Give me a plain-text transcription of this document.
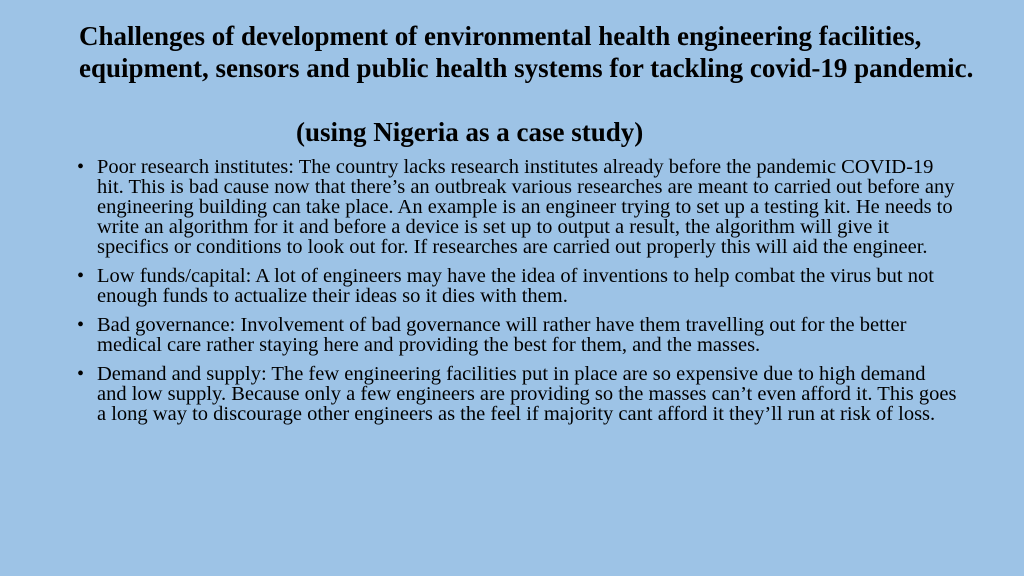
Challenges of development of environmental health engineering facilities, equipment, sensors and public health systems for tackling covid-19 pandemic.
(using Nigeria as a case study)
• Poor research institutes: The country lacks research institutes already before the pandemic COVID-19 hit. This is bad cause now that there’s an outbreak various researches are meant to carried out before any engineering building can take place. An example is an engineer trying to set up a testing kit. He needs to write an algorithm for it and before a device is set up to output a result, the algorithm will give it specifics or conditions to look out for. If researches are carried out properly this will aid the engineer.
• Low funds/capital: A lot of engineers may have the idea of inventions to help combat the virus but not enough funds to actualize their ideas so it dies with them.
• Bad governance: Involvement of bad governance will rather have them travelling out for the better medical care rather staying here and providing the best for them, and the masses.
• Demand and supply: The few engineering facilities put in place are so expensive due to high demand and low supply. Because only a few engineers are providing so the masses can’t even afford it. This goes a long way to discourage other engineers as the feel if majority cant afford it they’ll run at risk of loss.
